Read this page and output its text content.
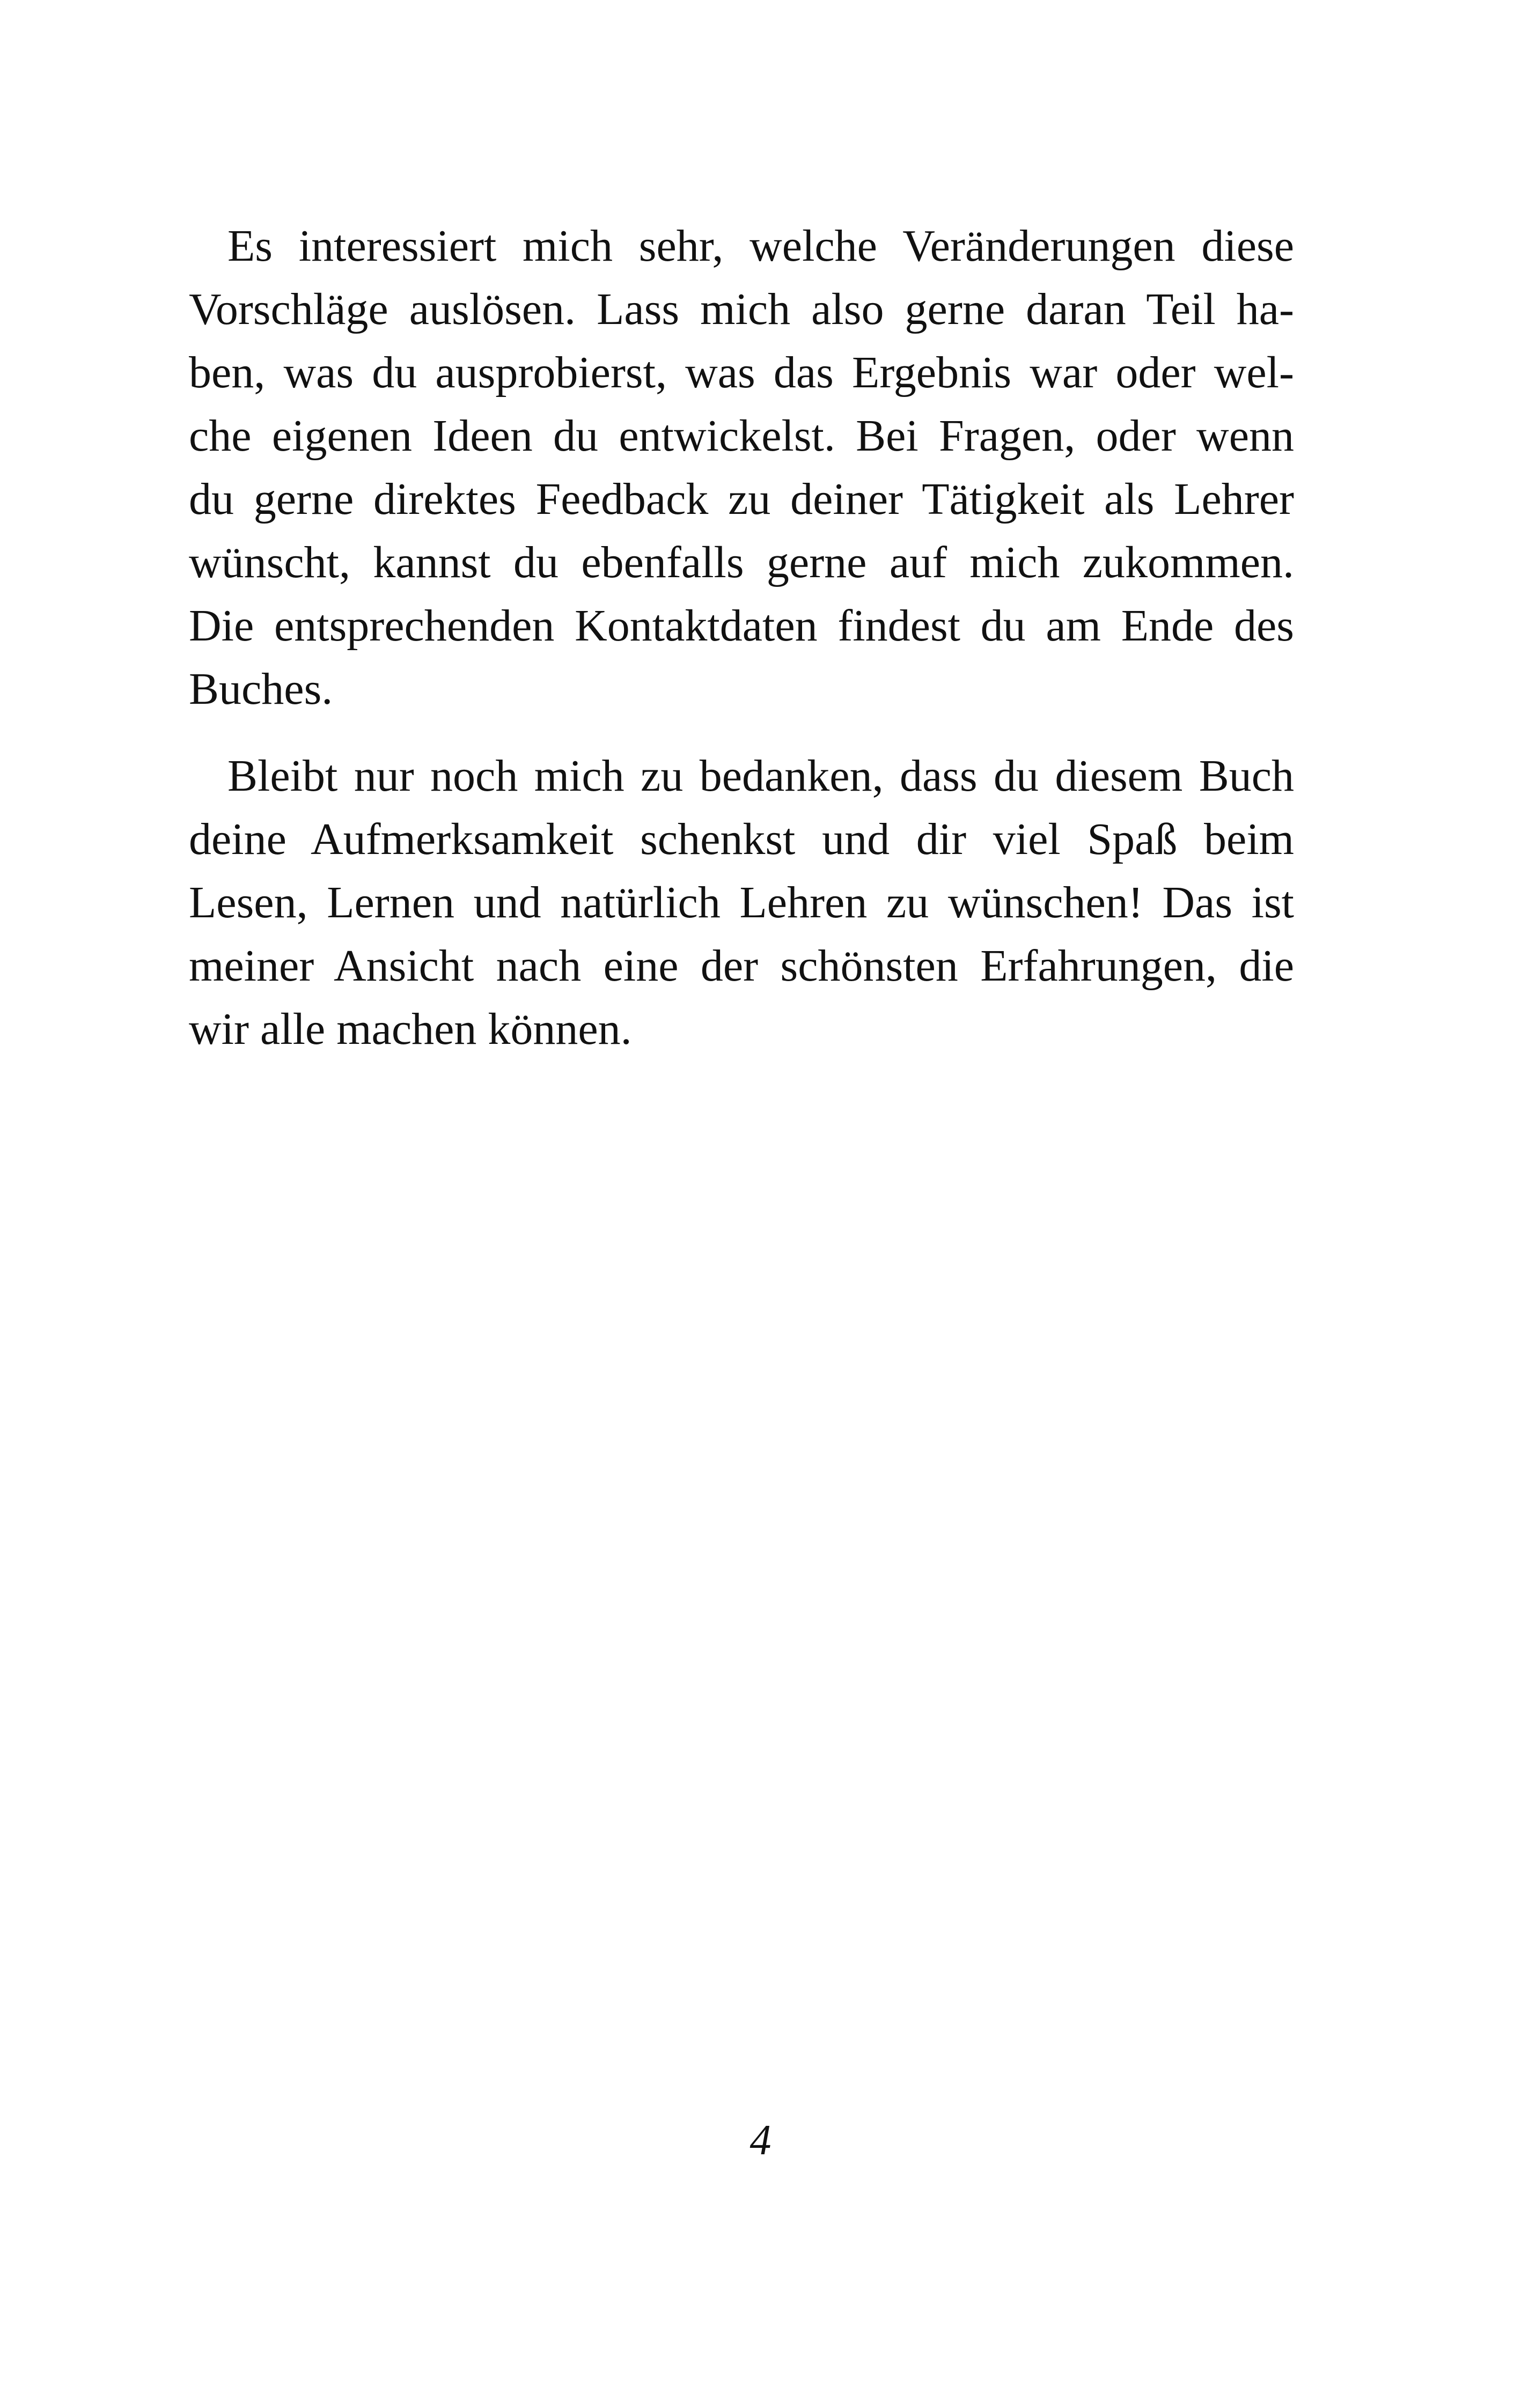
Es interessiert mich sehr, welche Veränderungen diese
Vorschläge auslösen. Lass mich also gerne daran Teil ha-
ben, was du ausprobierst, was das Ergebnis war oder wel-
che eigenen Ideen du entwickelst. Bei Fragen, oder wenn
du gerne direktes Feedback zu deiner Tätigkeit als Lehrer
wünscht, kannst du ebenfalls gerne auf mich zukommen.
Die entsprechenden Kontaktdaten findest du am Ende des
Buches.
Bleibt nur noch mich zu bedanken, dass du diesem Buch
deine Aufmerksamkeit schenkst und dir viel Spaß beim
Lesen, Lernen und natürlich Lehren zu wünschen! Das ist
meiner Ansicht nach eine der schönsten Erfahrungen, die
wir alle machen können.
4
